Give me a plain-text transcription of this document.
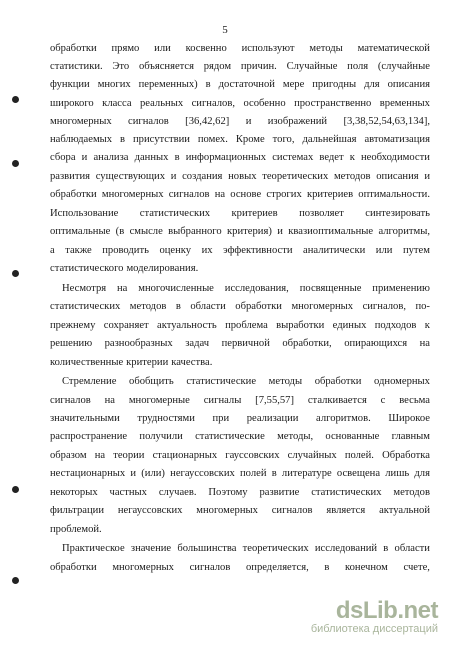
5
обработки прямо или косвенно используют методы математической
статистики. Это объясняется рядом причин. Случайные поля (случайные
функции многих переменных) в достаточной мере пригодны для описания
широкого класса реальных сигналов, особенно пространственно временных
многомерных сигналов [36,42,62] и изображений [3,38,52,54,63,134],
наблюдаемых в присутствии помех. Кроме того, дальнейшая автоматизация
сбора и анализа данных в информационных системах ведет к необходимости
развития существующих и создания новых теоретических методов описания и
обработки многомерных сигналов на основе строгих критериев оптимальности.
Использование статистических критериев позволяет синтезировать
оптимальные (в смысле выбранного критерия) и квазиоптимальные алгоритмы,
а также проводить оценку их эффективности аналитически или путем
статистического моделирования.
Несмотря на многочисленные исследования, посвященные применению
статистических методов в области обработки многомерных сигналов, по-
прежнему сохраняет актуальность проблема выработки единых подходов к
решению разнообразных задач первичной обработки, опирающихся на
количественные критерии качества.
Стремление обобщить статистические методы обработки одномерных
сигналов на многомерные сигналы [7,55,57] сталкивается с весьма
значительными трудностями при реализации алгоритмов. Широкое
распространение получили статистические методы, основанные главным
образом на теории стационарных гауссовских случайных полей. Обработка
нестационарных и (или) негауссовских полей в литературе освещена лишь для
некоторых частных случаев. Поэтому развитие статистических методов
фильтрации негауссовских многомерных сигналов является актуальной
проблемой.
Практическое значение большинства теоретических исследований в области
обработки многомерных сигналов определяется, в конечном счете,
dsLib.net
библиотека диссертаций
